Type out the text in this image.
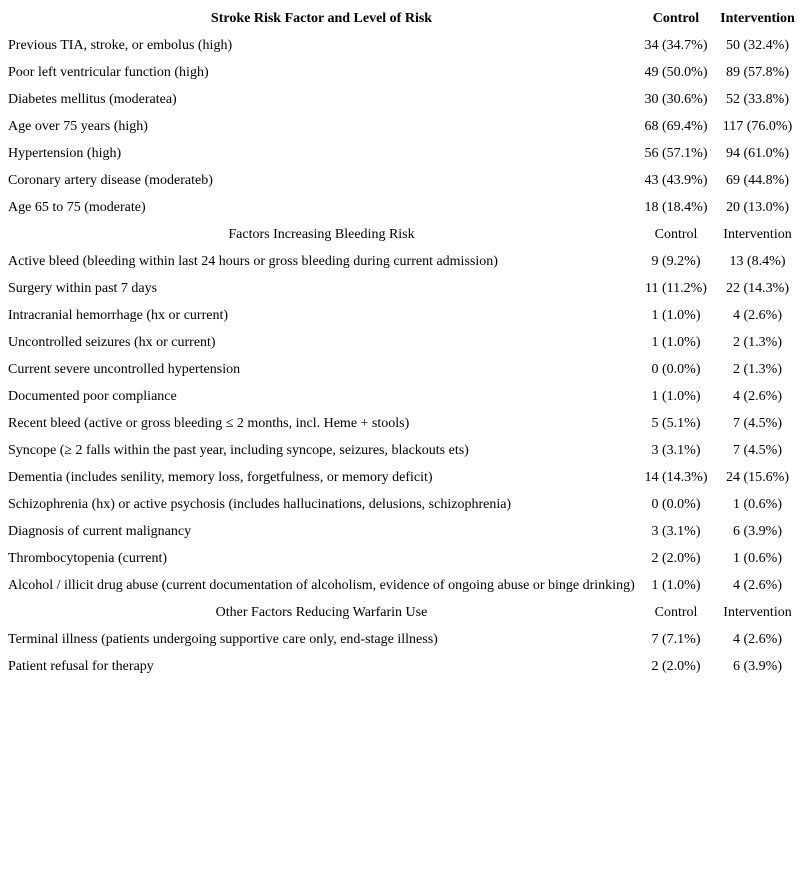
Stroke Risk Factor and Level of Risk	Control	Intervention
Previous TIA, stroke, or embolus (high)	34 (34.7%)	50 (32.4%)
Poor left ventricular function (high)	49 (50.0%)	89 (57.8%)
Diabetes mellitus (moderatea)	30 (30.6%)	52 (33.8%)
Age over 75 years (high)	68 (69.4%)	117 (76.0%)
Hypertension (high)	56 (57.1%)	94 (61.0%)
Coronary artery disease (moderateb)	43 (43.9%)	69 (44.8%)
Age 65 to 75 (moderate)	18 (18.4%)	20 (13.0%)
Factors Increasing Bleeding Risk	Control	Intervention
Active bleed (bleeding within last 24 hours or gross bleeding during current admission)	9 (9.2%)	13 (8.4%)
Surgery within past 7 days	11 (11.2%)	22 (14.3%)
Intracranial hemorrhage (hx or current)	1 (1.0%)	4 (2.6%)
Uncontrolled seizures (hx or current)	1 (1.0%)	2 (1.3%)
Current severe uncontrolled hypertension	0 (0.0%)	2 (1.3%)
Documented poor compliance	1 (1.0%)	4 (2.6%)
Recent bleed (active or gross bleeding ≤ 2 months, incl. Heme + stools)	5 (5.1%)	7 (4.5%)
Syncope (≥ 2 falls within the past year, including syncope, seizures, blackouts ets)	3 (3.1%)	7 (4.5%)
Dementia (includes senility, memory loss, forgetfulness, or memory deficit)	14 (14.3%)	24 (15.6%)
Schizophrenia (hx) or active psychosis (includes hallucinations, delusions, schizophrenia)	0 (0.0%)	1 (0.6%)
Diagnosis of current malignancy	3 (3.1%)	6 (3.9%)
Thrombocytopenia (current)	2 (2.0%)	1 (0.6%)
Alcohol / illicit drug abuse (current documentation of alcoholism, evidence of ongoing abuse or binge drinking)	1 (1.0%)	4 (2.6%)
Other Factors Reducing Warfarin Use	Control	Intervention
Terminal illness (patients undergoing supportive care only, end-stage illness)	7 (7.1%)	4 (2.6%)
Patient refusal for therapy	2 (2.0%)	6 (3.9%)
